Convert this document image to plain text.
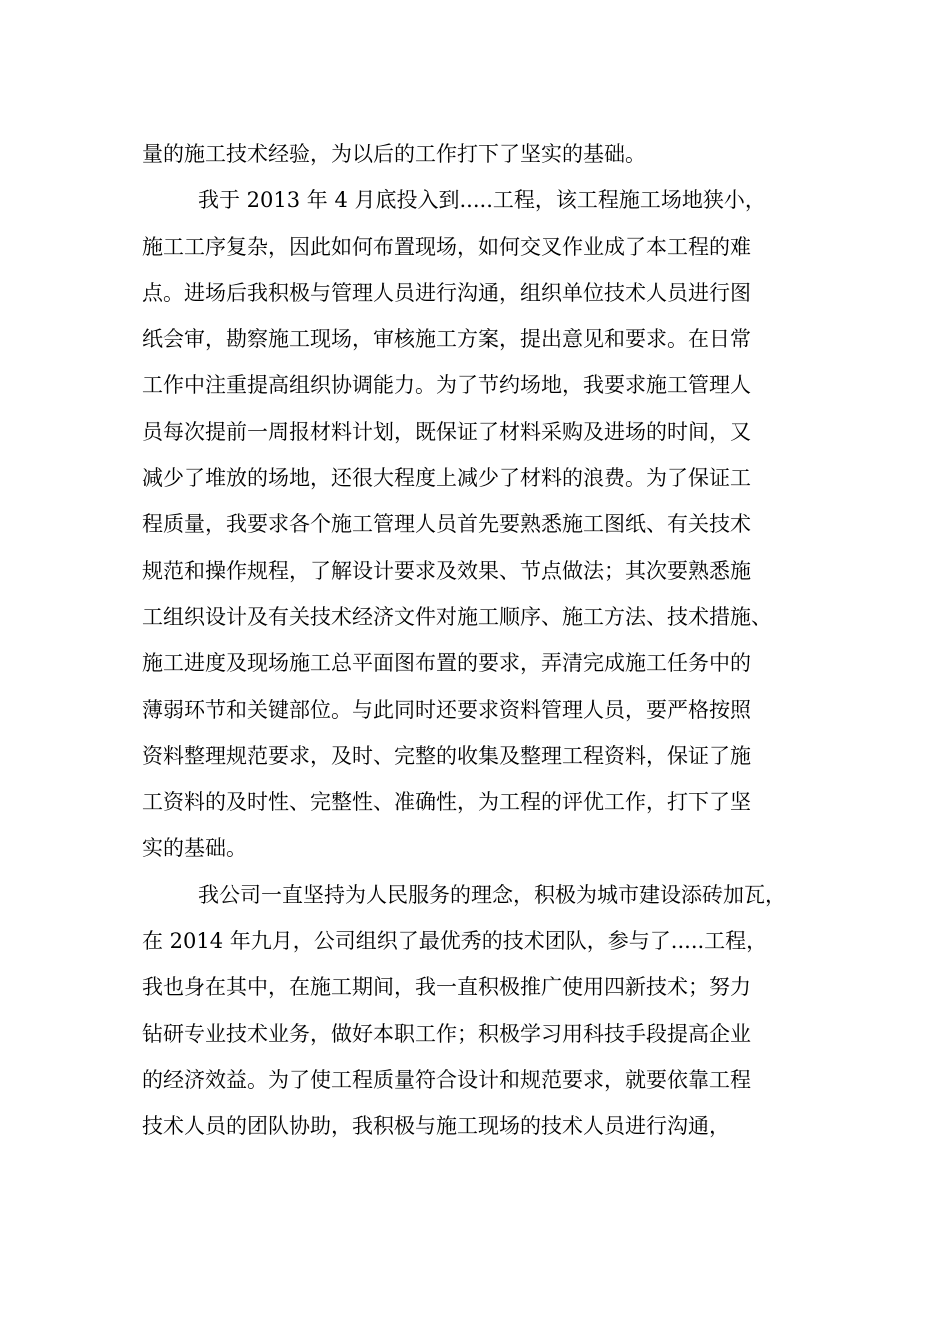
量的施工技术经验，为以后的工作打下了坚实的基础。
我于 2013 年 4 月底投入到.....工程，该工程施工场地狭小，
施工工序复杂，因此如何布置现场，如何交叉作业成了本工程的难
点。进场后我积极与管理人员进行沟通，组织单位技术人员进行图
纸会审，勘察施工现场，审核施工方案，提出意见和要求。在日常
工作中注重提高组织协调能力。为了节约场地，我要求施工管理人
员每次提前一周报材料计划，既保证了材料采购及进场的时间，又
减少了堆放的场地，还很大程度上减少了材料的浪费。为了保证工
程质量，我要求各个施工管理人员首先要熟悉施工图纸、有关技术
规范和操作规程，了解设计要求及效果、节点做法；其次要熟悉施
工组织设计及有关技术经济文件对施工顺序、施工方法、技术措施、
施工进度及现场施工总平面图布置的要求，弄清完成施工任务中的
薄弱环节和关键部位。与此同时还要求资料管理人员，要严格按照
资料整理规范要求，及时、完整的收集及整理工程资料，保证了施
工资料的及时性、完整性、准确性，为工程的评优工作，打下了坚
实的基础。
我公司一直坚持为人民服务的理念，积极为城市建设添砖加瓦，
在 2014 年九月，公司组织了最优秀的技术团队，参与了.....工程，
我也身在其中，在施工期间，我一直积极推广使用四新技术；努力
钻研专业技术业务，做好本职工作；积极学习用科技手段提高企业
的经济效益。为了使工程质量符合设计和规范要求，就要依靠工程
技术人员的团队协助，我积极与施工现场的技术人员进行沟通，
